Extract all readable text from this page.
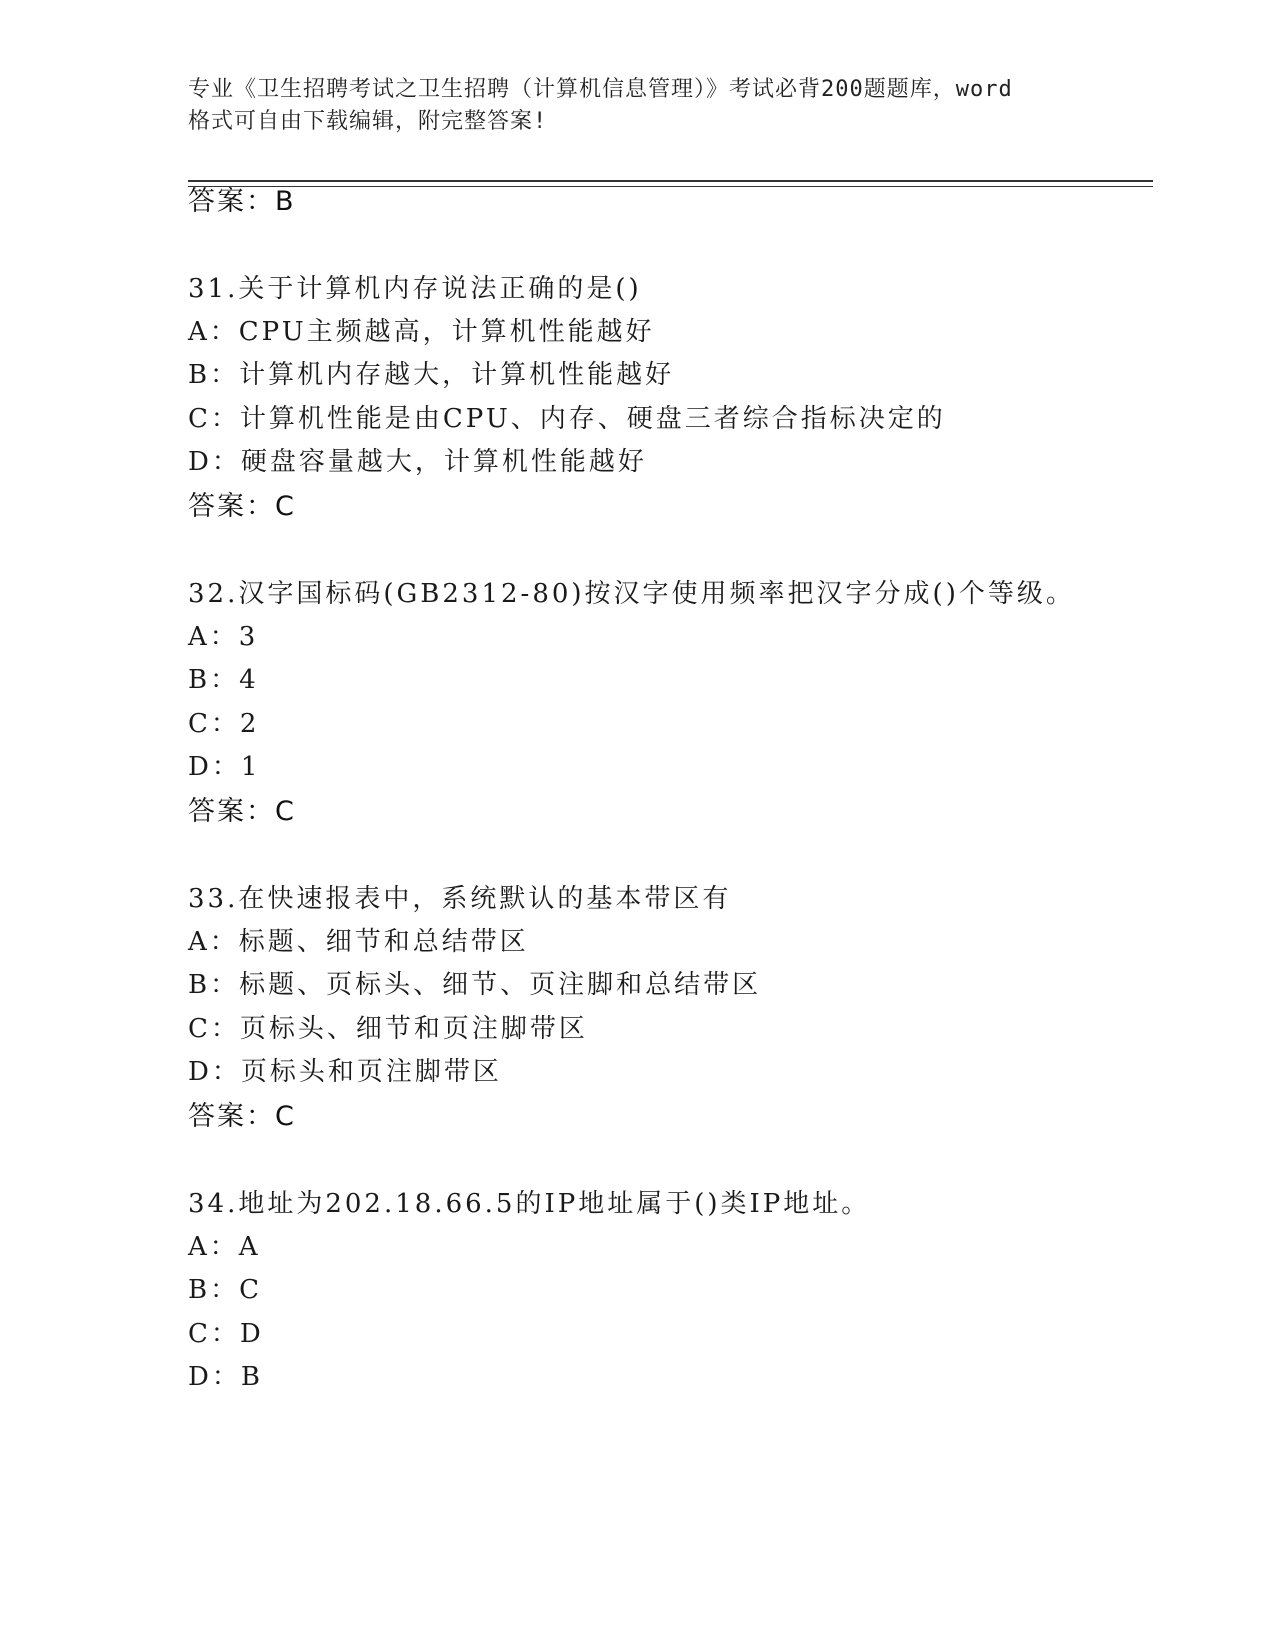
专业《卫生招聘考试之卫生招聘（计算机信息管理）》考试必背200题题库，word
格式可自由下载编辑，附完整答案!
答案：B
31.关于计算机内存说法正确的是()
A：CPU主频越高，计算机性能越好
B：计算机内存越大，计算机性能越好
C：计算机性能是由CPU、内存、硬盘三者综合指标决定的
D：硬盘容量越大，计算机性能越好
答案：C
32.汉字国标码(GB2312-80)按汉字使用频率把汉字分成()个等级。
A：3
B：4
C：2
D：1
答案：C
33.在快速报表中，系统默认的基本带区有
A：标题、细节和总结带区
B：标题、页标头、细节、页注脚和总结带区
C：页标头、细节和页注脚带区
D：页标头和页注脚带区
答案：C
34.地址为202.18.66.5的IP地址属于()类IP地址。
A：A
B：C
C：D
D：B
